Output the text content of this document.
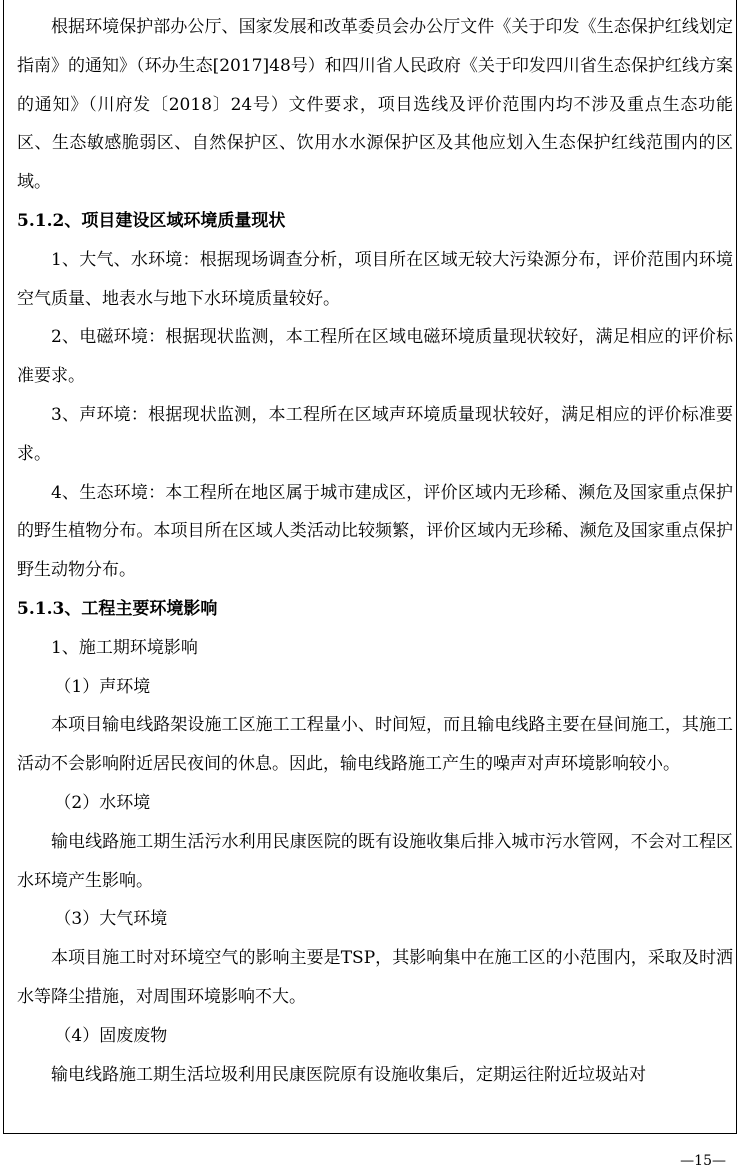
根据环境保护部办公厅、国家发展和改革委员会办公厅文件《关于印发《生态保护红线划定指南》的通知》（环办生态[2017]48号）和四川省人民政府《关于印发四川省生态保护红线方案的通知》（川府发〔2018〕24号）文件要求，项目选线及评价范围内均不涉及重点生态功能区、生态敏感脆弱区、自然保护区、饮用水水源保护区及其他应划入生态保护红线范围内的区域。

5.1.2、项目建设区域环境质量现状

1、大气、水环境：根据现场调查分析，项目所在区域无较大污染源分布，评价范围内环境空气质量、地表水与地下水环境质量较好。

2、电磁环境：根据现状监测，本工程所在区域电磁环境质量现状较好，满足相应的评价标准要求。

3、声环境：根据现状监测，本工程所在区域声环境质量现状较好，满足相应的评价标准要求。

4、生态环境：本工程所在地区属于城市建成区，评价区域内无珍稀、濒危及国家重点保护的野生植物分布。本项目所在区域人类活动比较频繁，评价区域内无珍稀、濒危及国家重点保护野生动物分布。

5.1.3、工程主要环境影响

1、施工期环境影响

（1）声环境

本项目输电线路架设施工区施工工程量小、时间短，而且输电线路主要在昼间施工，其施工活动不会影响附近居民夜间的休息。因此，输电线路施工产生的噪声对声环境影响较小。

（2）水环境

输电线路施工期生活污水利用民康医院的既有设施收集后排入城市污水管网，不会对工程区水环境产生影响。

（3）大气环境

本项目施工时对环境空气的影响主要是TSP，其影响集中在施工区的小范围内，采取及时洒水等降尘措施，对周围环境影响不大。

（4）固废废物

输电线路施工期生活垃圾利用民康医院原有设施收集后，定期运往附近垃圾站对

—15—
